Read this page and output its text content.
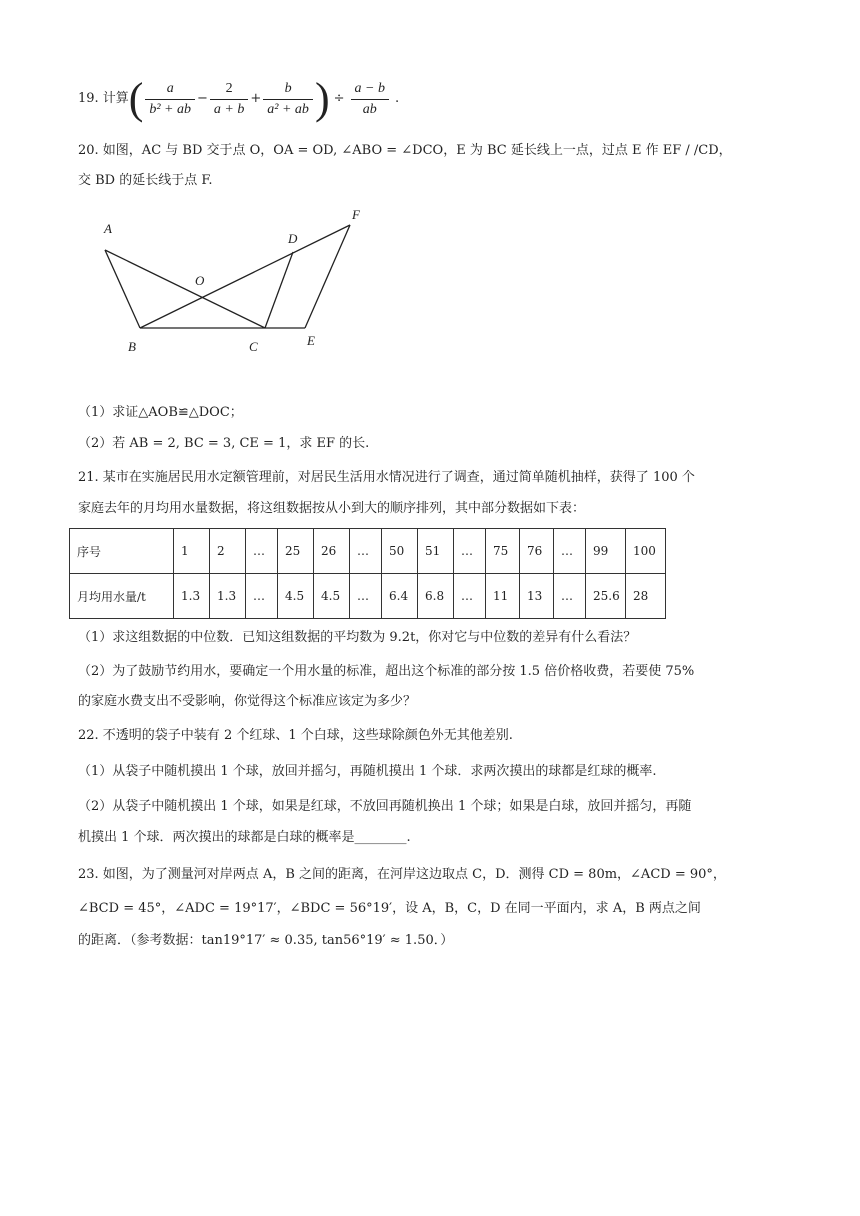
19. 计算 ( $\frac{a}{\text{b² + ab}} - \frac{2}{a + b} + \frac{b}{\text{a² + ab}}$ ) ÷ $\frac{a - b}{ab}$ .
20. 如图，AC 与 BD 交于点 O，OA = OD, ∠ABO = ∠DCO，E 为 BC 延长线上一点，过点 E 作 EF / /CD，
交 BD 的延长线于点 F.
A
B	C
D
E
F
O
（1）求证△AOB≌△DOC；
（2）若 AB = 2, BC = 3, CE = 1，求 EF 的长.
21. 某市在实施居民用水定额管理前，对居民生活用水情况进行了调查，通过简单随机抽样，获得了 100 个
家庭去年的月均用水量数据，将这组数据按从小到大的顺序排列，其中部分数据如下表：
序号	1	2	…	25	26	…	50	51	…	75	76	…	99	100
月均用水量/t	1.3	1.3	…	4.5	4.5	…	6.4	6.8	…	11	13	…	25.6	28
（1）求这组数据的中位数．已知这组数据的平均数为 9.2t，你对它与中位数的差异有什么看法？
（2）为了鼓励节约用水，要确定一个用水量的标准，超出这个标准的部分按 1.5 倍价格收费，若要使 75%
的家庭水费支出不受影响，你觉得这个标准应该定为多少？
22. 不透明的袋子中装有 2 个红球、1 个白球，这些球除颜色外无其他差别.
（1）从袋子中随机摸出 1 个球，放回并摇匀，再随机摸出 1 个球．求两次摸出的球都是红球的概率.
（2）从袋子中随机摸出 1 个球，如果是红球，不放回再随机换出 1 个球；如果是白球，放回并摇匀，再随
机摸出 1 个球．两次摸出的球都是白球的概率是________.
23. 如图，为了测量河对岸两点 A，B 之间的距离，在河岸这边取点 C，D．测得 CD = 80m，∠ACD = 90°，
∠BCD = 45°，∠ADC = 19°17′，∠BDC = 56°19′，设 A，B，C，D 在同一平面内，求 A，B 两点之间
的距离．（参考数据：tan19°17′ ≈ 0.35, tan56°19′ ≈ 1.50．）
